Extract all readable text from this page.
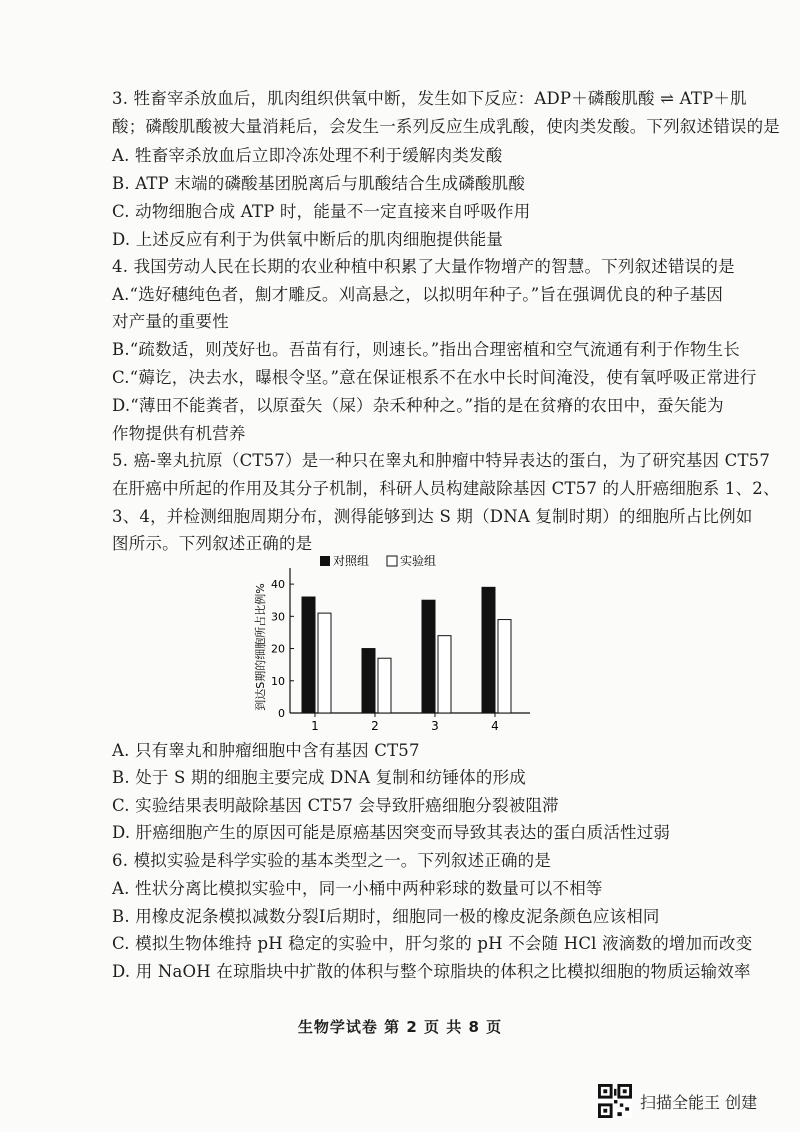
3. 牲畜宰杀放血后，肌肉组织供氧中断，发生如下反应：ADP＋磷酸肌酸 ⇌ ATP＋肌
酸；磷酸肌酸被大量消耗后，会发生一系列反应生成乳酸，使肉类发酸。下列叙述错误的是
A. 牲畜宰杀放血后立即冷冻处理不利于缓解肉类发酸
B. ATP 末端的磷酸基团脱离后与肌酸结合生成磷酸肌酸
C. 动物细胞合成 ATP 时，能量不一定直接来自呼吸作用
D. 上述反应有利于为供氧中断后的肌肉细胞提供能量
4. 我国劳动人民在长期的农业种植中积累了大量作物增产的智慧。下列叙述错误的是
A.“选好穗纯色者，劁才雕反。刈高悬之，以拟明年种子。”旨在强调优良的种子基因
对产量的重要性
B.“疏数适，则茂好也。吾苗有行，则速长。”指出合理密植和空气流通有利于作物生长
C.“薅讫，决去水，曝根令坚。”意在保证根系不在水中长时间淹没，使有氧呼吸正常进行
D.“薄田不能粪者，以原蚕矢（屎）杂禾种种之。”指的是在贫瘠的农田中，蚕矢能为
作物提供有机营养
5. 癌-睾丸抗原（CT57）是一种只在睾丸和肿瘤中特异表达的蛋白，为了研究基因 CT57
在肝癌中所起的作用及其分子机制，科研人员构建敲除基因 CT57 的人肝癌细胞系 1、2、
3、4，并检测细胞周期分布，测得能够到达 S 期（DNA 复制时期）的细胞所占比例如
图所示。下列叙述正确的是
对照组	实验组
到达S期的细胞所占比例%
0
10
20
30
40
1	2	3	4
A. 只有睾丸和肿瘤细胞中含有基因 CT57
B. 处于 S 期的细胞主要完成 DNA 复制和纺锤体的形成
C. 实验结果表明敲除基因 CT57 会导致肝癌细胞分裂被阻滞
D. 肝癌细胞产生的原因可能是原癌基因突变而导致其表达的蛋白质活性过弱
6. 模拟实验是科学实验的基本类型之一。下列叙述正确的是
A. 性状分离比模拟实验中，同一小桶中两种彩球的数量可以不相等
B. 用橡皮泥条模拟减数分裂Ⅰ后期时，细胞同一极的橡皮泥条颜色应该相同
C. 模拟生物体维持 pH 稳定的实验中，肝匀浆的 pH 不会随 HCl 液滴数的增加而改变
D. 用 NaOH 在琼脂块中扩散的体积与整个琼脂块的体积之比模拟细胞的物质运输效率
生物学试卷 第 2 页 共 8 页
扫描全能王 创建
